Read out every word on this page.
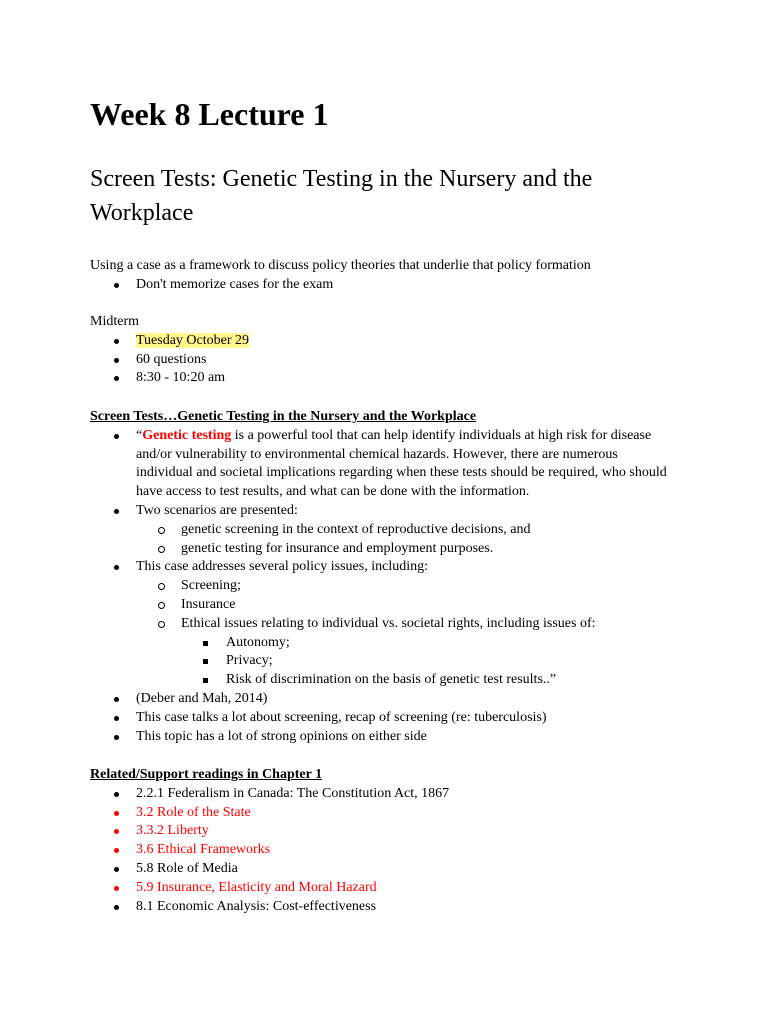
Week 8 Lecture 1
Screen Tests: Genetic Testing in the Nursery and the Workplace

Using a case as a framework to discuss policy theories that underlie that policy formation

Don't memorize cases for the exam

Midterm

Tuesday October 29
60 questions
8:30 - 10:20 am

Screen Tests…Genetic Testing in the Nursery and the Workplace

“Genetic testing is a powerful tool that can help identify individuals at high risk for disease and/or vulnerability to environmental chemical hazards. However, there are numerous individual and societal implications regarding when these tests should be required, who should have access to test results, and what can be done with the information.
Two scenarios are presented:
genetic screening in the context of reproductive decisions, and
genetic testing for insurance and employment purposes.
This case addresses several policy issues, including:
Screening;
Insurance
Ethical issues relating to individual vs. societal rights, including issues of:
Autonomy;
Privacy;
Risk of discrimination on the basis of genetic test results..”
(Deber and Mah, 2014)
This case talks a lot about screening, recap of screening (re: tuberculosis)
This topic has a lot of strong opinions on either side

Related/Support readings in Chapter 1

2.2.1 Federalism in Canada: The Constitution Act, 1867
3.2 Role of the State
3.3.2 Liberty
3.6 Ethical Frameworks
5.8 Role of Media
5.9 Insurance, Elasticity and Moral Hazard
8.1 Economic Analysis: Cost-effectiveness
